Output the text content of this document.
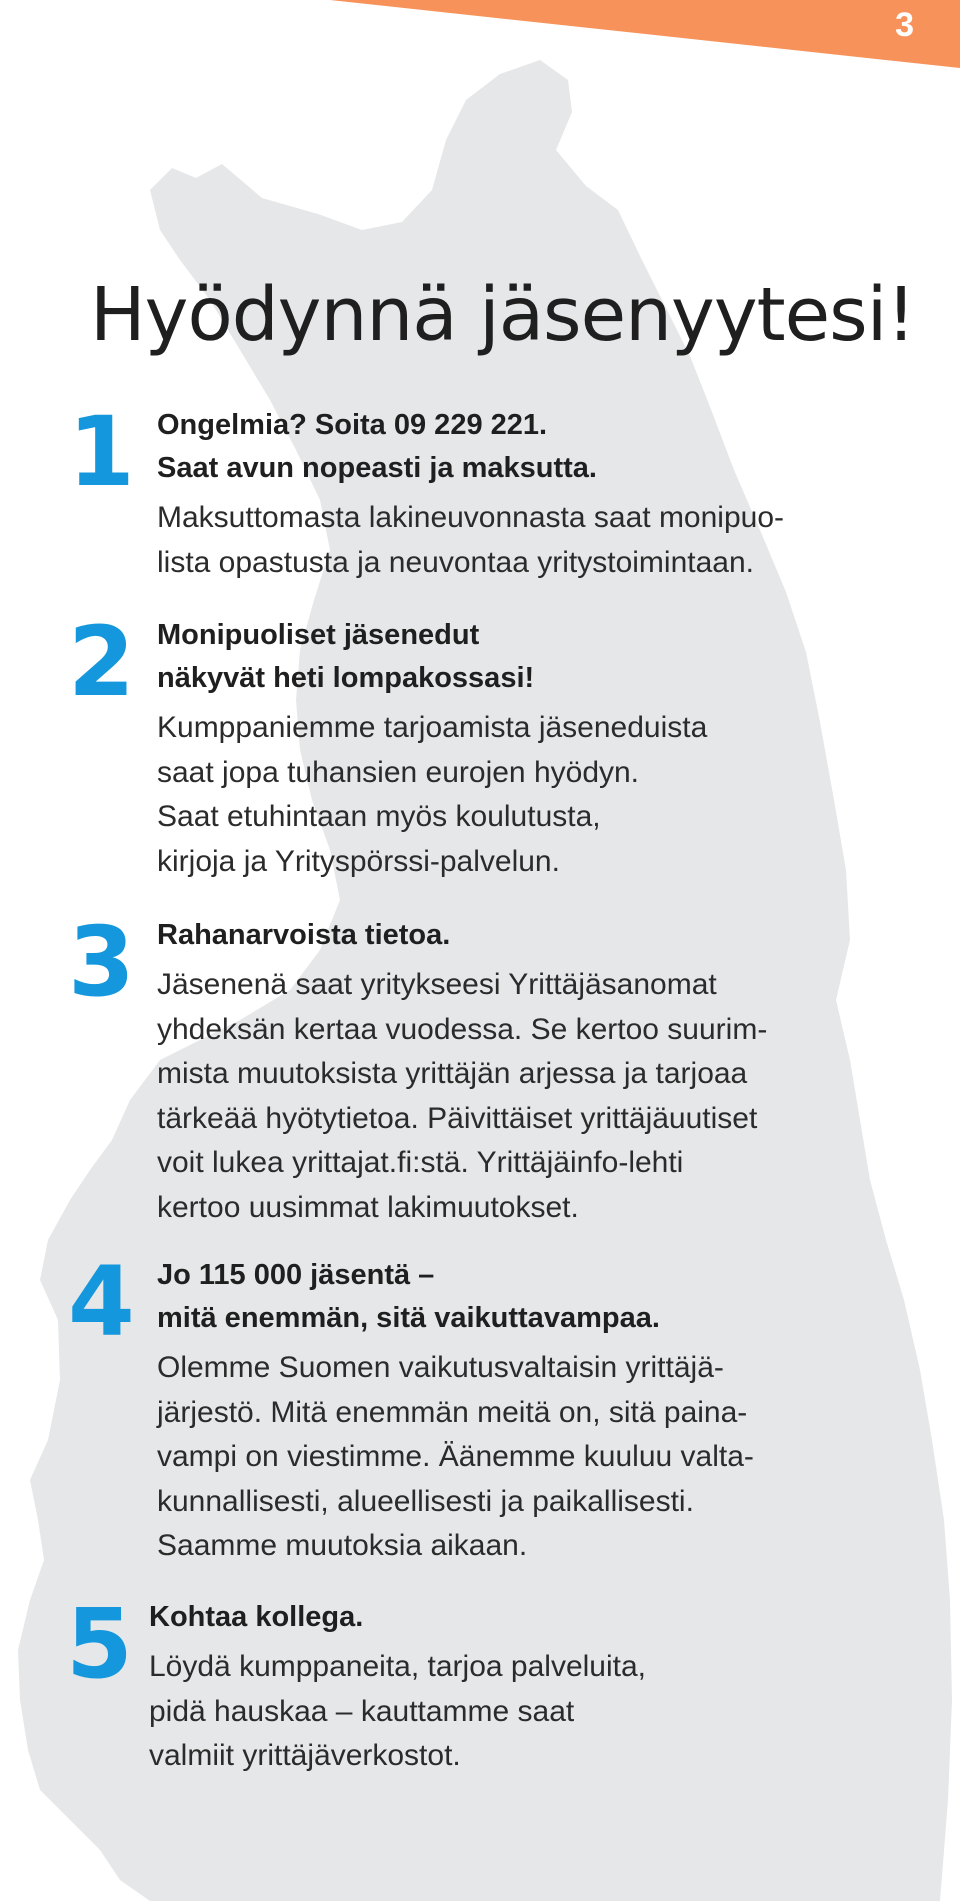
3
Hyödynnä jäsenyytesi!
1 Ongelmia? Soita 09 229 221.
Saat avun nopeasti ja maksutta.

Maksuttomasta lakineuvonnasta saat monipuo-
lista opastusta ja neuvontaa yritystoimintaan.
2 Monipuoliset jäsenedut
näkyvät heti lompakossasi!

Kumppaniemme tarjoamista jäseneduista
saat jopa tuhansien eurojen hyödyn.
Saat etuhintaan myös koulutusta,
kirjoja ja Yrityspörssi-palvelun.
3 Rahanarvoista tietoa.

Jäsenenä saat yritykseesi Yrittäjäsanomat
yhdeksän kertaa vuodessa. Se kertoo suurim-
mista muutoksista yrittäjän arjessa ja tarjoaa
tärkeää hyötytietoa. Päivittäiset yrittäjäuutiset
voit lukea yrittajat.fi:stä. Yrittäjäinfo-lehti
kertoo uusimmat lakimuutokset.
4 Jo 115 000 jäsentä –
mitä enemmän, sitä vaikuttavampaa.

Olemme Suomen vaikutusvaltaisin yrittäjä-
järjestö. Mitä enemmän meitä on, sitä paina-
vampi on viestimme. Äänemme kuuluu valta-
kunnallisesti, alueellisesti ja paikallisesti.
Saamme muutoksia aikaan.
5 Kohtaa kollega.

Löydä kumppaneita, tarjoa palveluita,
pidä hauskaa – kauttamme saat
valmiit yrittäjäverkostot.
